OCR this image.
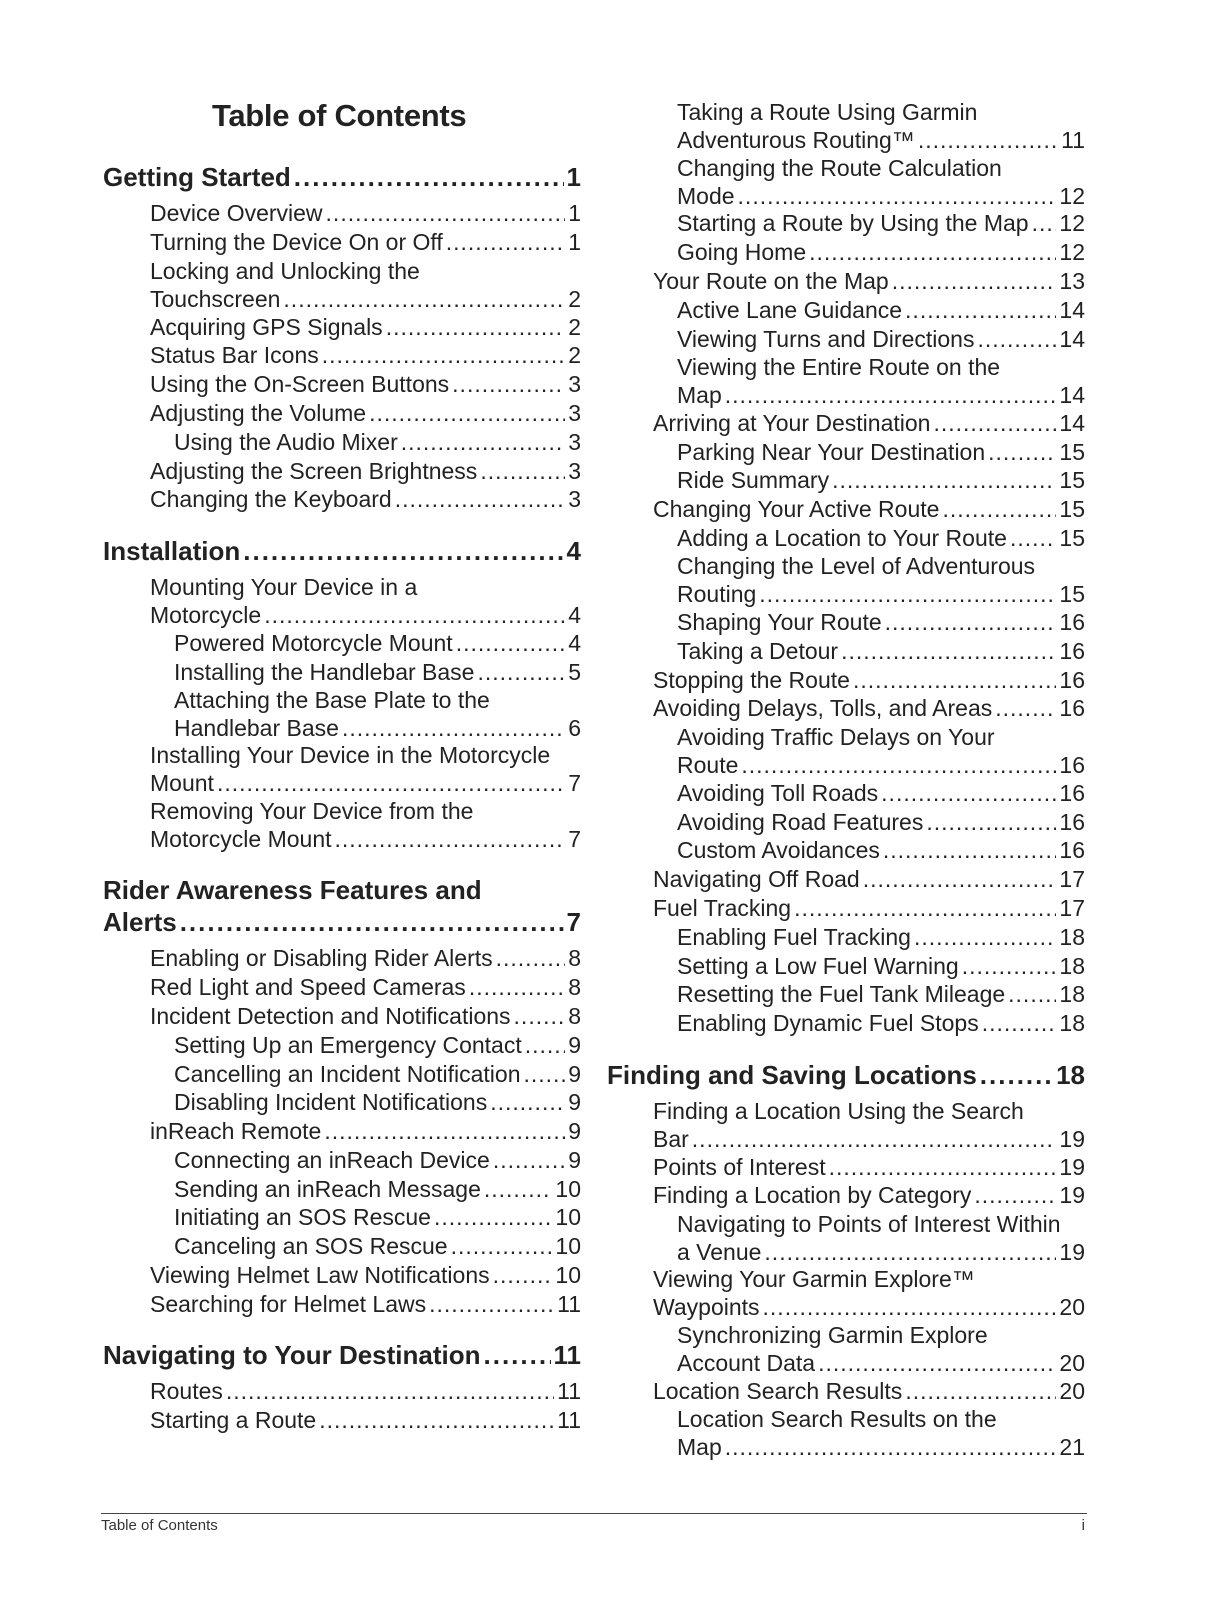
Table of Contents
Getting Started .....	1
Device Overview .....	1
Turning the Device On or Off .....	1
Locking and Unlocking the
Touchscreen .....	2
Acquiring GPS Signals .....	2
Status Bar Icons .....	2
Using the On-Screen Buttons .....	3
Adjusting the Volume .....	3
Using the Audio Mixer .....	3
Adjusting the Screen Brightness .....	3
Changing the Keyboard .....	3
Installation .....	4
Mounting Your Device in a
Motorcycle .....	4
Powered Motorcycle Mount .....	4
Installing the Handlebar Base .....	5
Attaching the Base Plate to the
Handlebar Base .....	6
Installing Your Device in the Motorcycle
Mount .....	7
Removing Your Device from the
Motorcycle Mount .....	7
Rider Awareness Features and
Alerts .....	7
Enabling or Disabling Rider Alerts .....	8
Red Light and Speed Cameras .....	8
Incident Detection and Notifications .....	8
Setting Up an Emergency Contact ..... 9
Cancelling an Incident Notification ..... 9
Disabling Incident Notifications .....	9
inReach Remote .....	9
Connecting an inReach Device .....	9
Sending an inReach Message .....	10
Initiating an SOS Rescue .....	10
Canceling an SOS Rescue .....	10
Viewing Helmet Law Notifications .....	10
Searching for Helmet Laws .....	11
Navigating to Your Destination .....	11
Routes .....	11
Starting a Route .....	11
Taking a Route Using Garmin
Adventurous Routing™ .....	11
Changing the Route Calculation
Mode .....	12
Starting a Route by Using the Map ..... 12
Going Home .....	12
Your Route on the Map .....	13
Active Lane Guidance .....	14
Viewing Turns and Directions .....	14
Viewing the Entire Route on the
Map .....	14
Arriving at Your Destination .....	14
Parking Near Your Destination .....	15
Ride Summary .....	15
Changing Your Active Route .....	15
Adding a Location to Your Route ..... 15
Changing the Level of Adventurous
Routing .....	15
Shaping Your Route .....	16
Taking a Detour .....	16
Stopping the Route .....	16
Avoiding Delays, Tolls, and Areas .....	16
Avoiding Traffic Delays on Your
Route .....	16
Avoiding Toll Roads .....	16
Avoiding Road Features .....	16
Custom Avoidances .....	16
Navigating Off Road .....	17
Fuel Tracking .....	17
Enabling Fuel Tracking .....	18
Setting a Low Fuel Warning .....	18
Resetting the Fuel Tank Mileage ..... 18
Enabling Dynamic Fuel Stops .....	18
Finding and Saving Locations .....	18
Finding a Location Using the Search
Bar .....	19
Points of Interest .....	19
Finding a Location by Category .....	19
Navigating to Points of Interest Within
a Venue .....	19
Viewing Your Garmin Explore™
Waypoints .....	20
Synchronizing Garmin Explore
Account Data .....	20
Location Search Results .....	20
Location Search Results on the
Map .....	21
Table of Contents	i
